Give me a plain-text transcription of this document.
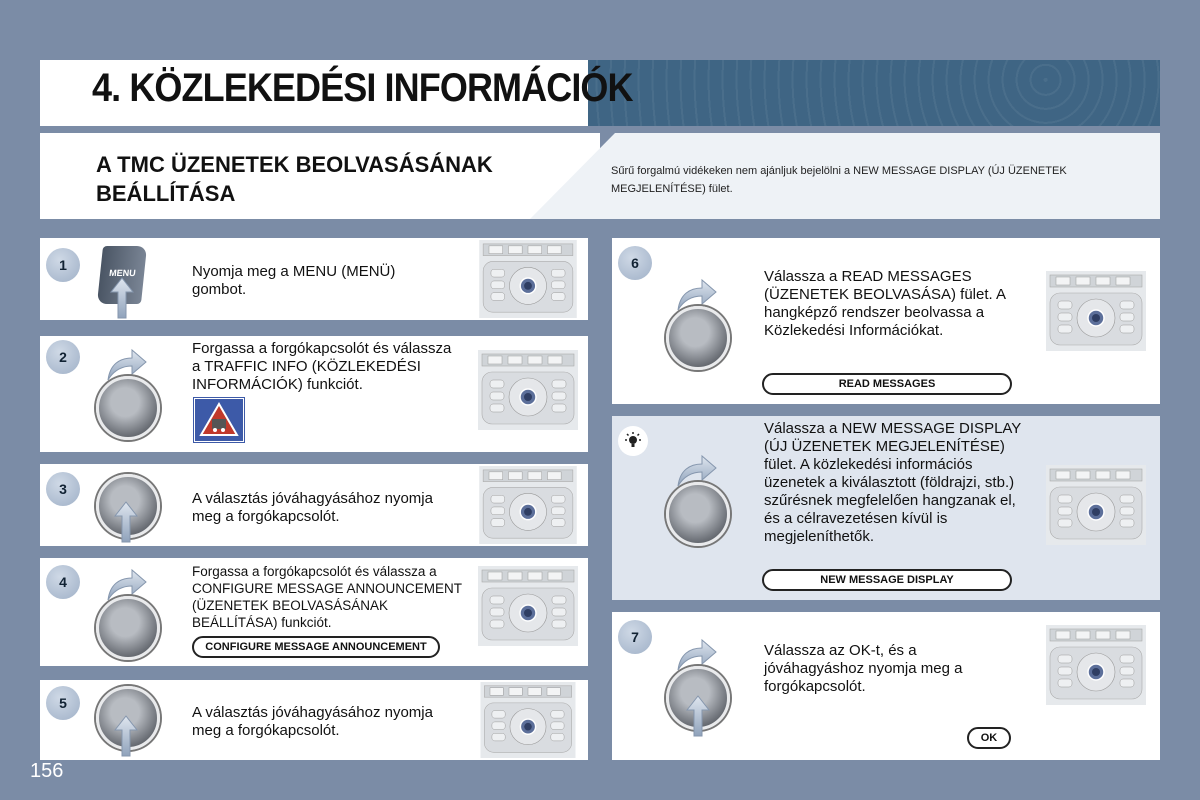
4. KÖZLEKEDÉSI INFORMÁCIÓK
A TMC ÜZENETEK BEOLVASÁSÁNAK
BEÁLLÍTÁSA
Sűrű forgalmú vidékeken nem ajánljuk bejelölni a NEW MESSAGE DISPLAY (ÚJ ÜZENETEK MEGJELENÍTÉSE) fület.
1	MENU	Nyomja meg a MENU (MENÜ)
gombot.
2	Forgassa a forgókapcsolót és válassza a TRAFFIC INFO (KÖZLEKEDÉSI INFORMÁCIÓK) funkciót.
3
A választás jóváhagyásához nyomja meg a forgókapcsolót.
4
Forgassa a forgókapcsolót és válassza a CONFIGURE MESSAGE ANNOUNCEMENT (ÜZENETEK BEOLVASÁSÁNAK BEÁLLÍTÁSA) funkciót.
CONFIGURE MESSAGE ANNOUNCEMENT
5
A választás jóváhagyásához nyomja meg a forgókapcsolót.
6
Válassza a READ MESSAGES (ÜZENETEK BEOLVASÁSA) fület. A hangképző rendszer beolvassa a Közlekedési Információkat.
READ MESSAGES
Válassza a NEW MESSAGE DISPLAY (ÚJ ÜZENETEK MEGJELENÍTÉSE) fület. A közlekedési információs üzenetek a kiválasztott (földrajzi, stb.) szűrésnek megfelelően hangzanak el, és a célravezetésen kívül is megjeleníthetők.
NEW MESSAGE DISPLAY
7
Válassza az OK-t, és a jóváhagyáshoz nyomja meg a forgókapcsolót.
OK
156
